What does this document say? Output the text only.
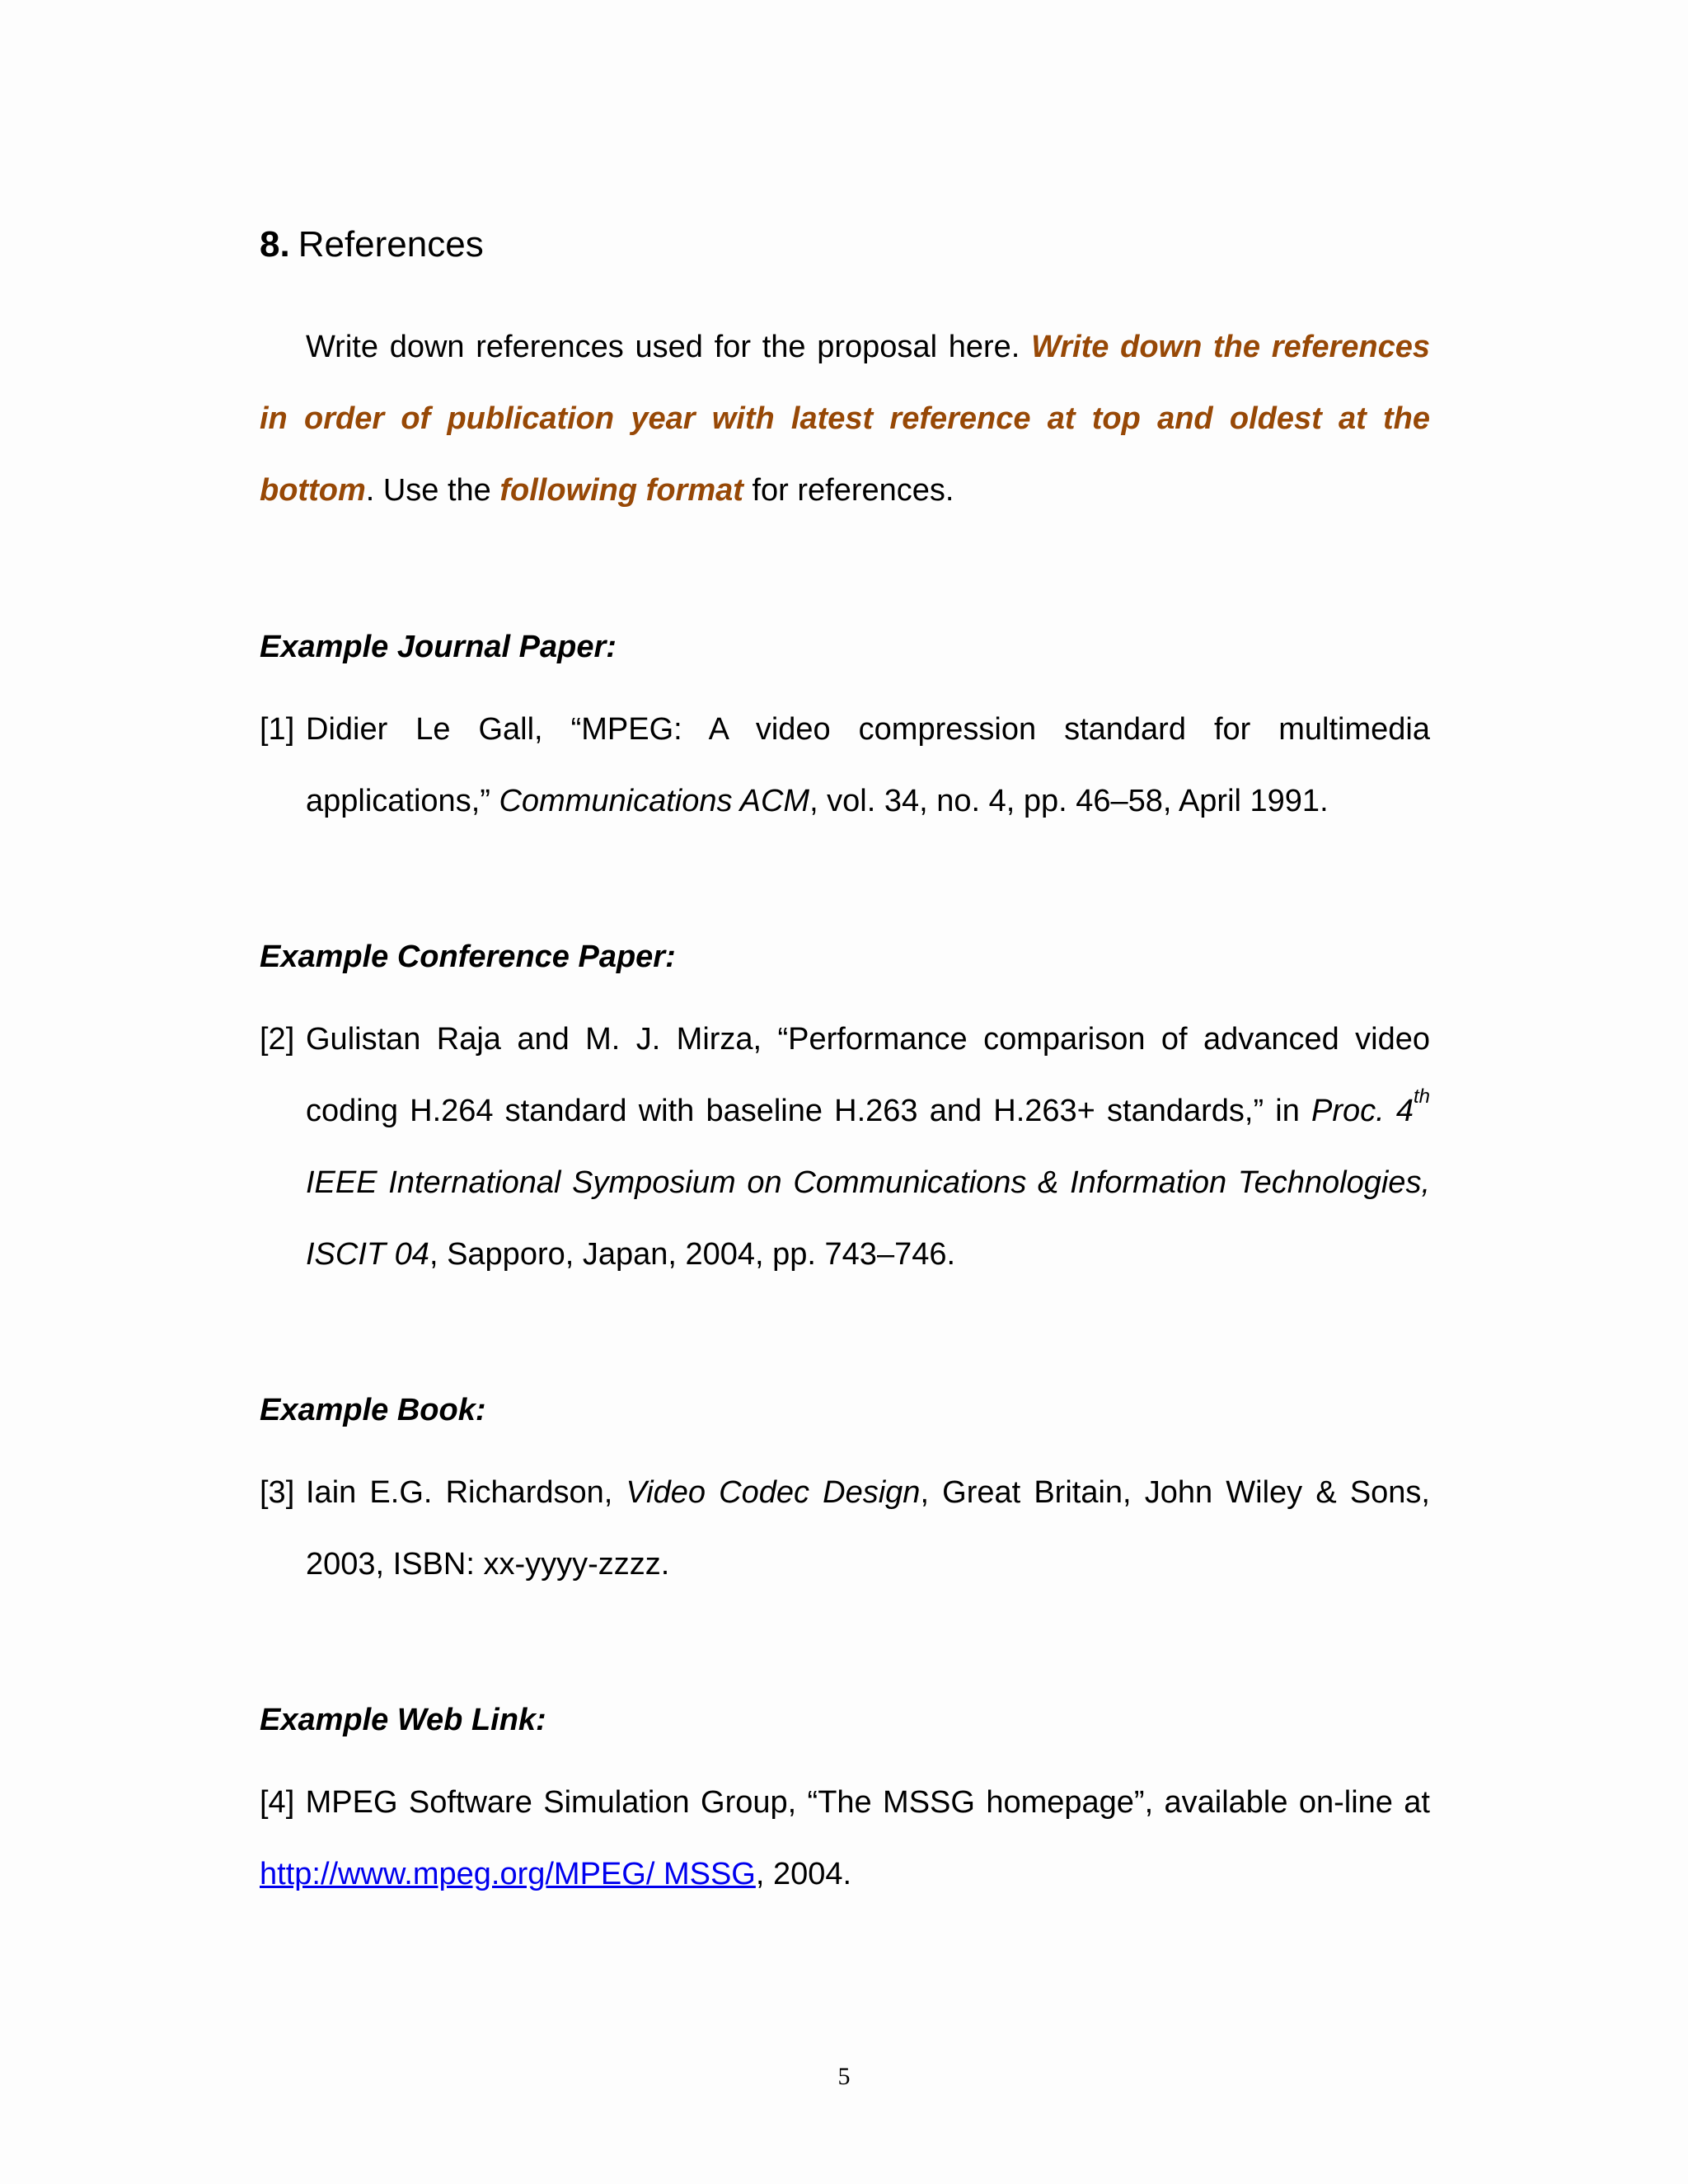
8. References
Write down references used for the proposal here. Write down the references in order of publication year with latest reference at top and oldest at the bottom. Use the following format for references.
Example Journal Paper:
[1] Didier Le Gall, “MPEG: A video compression standard for multimedia applications,” Communications ACM, vol. 34, no. 4, pp. 46–58, April 1991.
Example Conference Paper:
[2] Gulistan Raja and M. J. Mirza, “Performance comparison of advanced video coding H.264 standard with baseline H.263 and H.263+ standards,” in Proc. 4th IEEE International Symposium on Communications & Information Technologies, ISCIT 04, Sapporo, Japan, 2004, pp. 743–746.
Example Book:
[3] Iain E.G. Richardson, Video Codec Design, Great Britain, John Wiley & Sons, 2003, ISBN: xx-yyyy-zzzz.
Example Web Link:
[4] MPEG Software Simulation Group, “The MSSG homepage”, available on-line at http://www.mpeg.org/MPEG/ MSSG, 2004.
5
